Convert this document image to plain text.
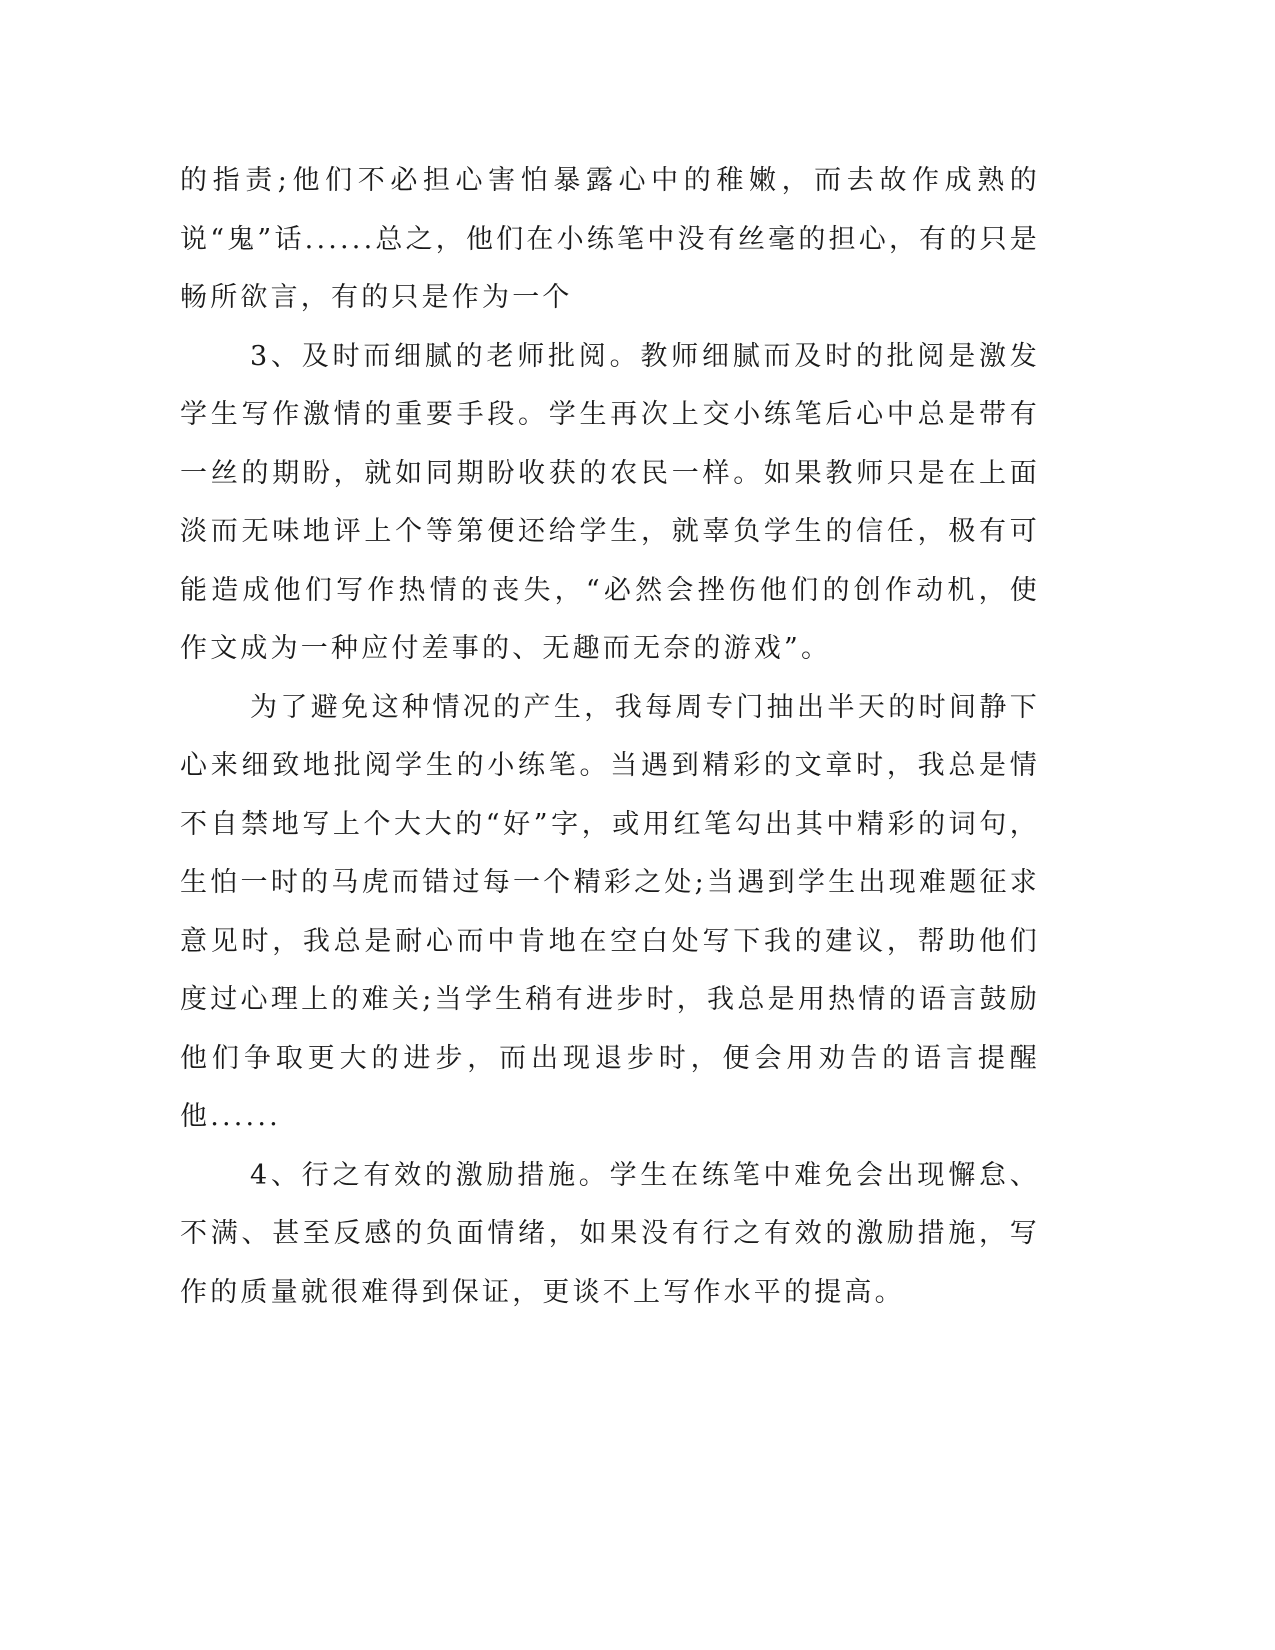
的指责;他们不必担心害怕暴露心中的稚嫩，而去故作成熟的说“鬼”话......总之，他们在小练笔中没有丝毫的担心，有的只是畅所欲言，有的只是作为一个

3、及时而细腻的老师批阅。教师细腻而及时的批阅是激发学生写作激情的重要手段。学生再次上交小练笔后心中总是带有一丝的期盼，就如同期盼收获的农民一样。如果教师只是在上面淡而无味地评上个等第便还给学生，就辜负学生的信任，极有可能造成他们写作热情的丧失，“必然会挫伤他们的创作动机，使作文成为一种应付差事的、无趣而无奈的游戏”。

为了避免这种情况的产生，我每周专门抽出半天的时间静下心来细致地批阅学生的小练笔。当遇到精彩的文章时，我总是情不自禁地写上个大大的“好”字，或用红笔勾出其中精彩的词句，生怕一时的马虎而错过每一个精彩之处;当遇到学生出现难题征求意见时，我总是耐心而中肯地在空白处写下我的建议，帮助他们度过心理上的难关;当学生稍有进步时，我总是用热情的语言鼓励他们争取更大的进步，而出现退步时，便会用劝告的语言提醒他......

4、行之有效的激励措施。学生在练笔中难免会出现懈怠、不满、甚至反感的负面情绪，如果没有行之有效的激励措施，写作的质量就很难得到保证，更谈不上写作水平的提高。
